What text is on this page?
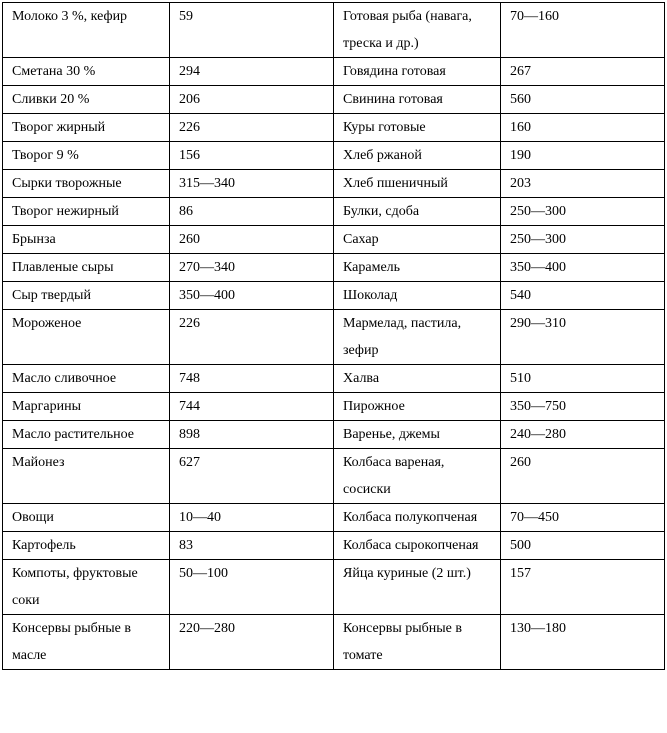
Молоко 3 %, кефир	59	Готовая рыба (навага, треска и др.)	70—160
Сметана 30 %	294	Говядина готовая	267
Сливки 20 %	206	Свинина готовая	560
Творог жирный	226	Куры готовые	160
Творог 9 %	156	Хлеб ржаной	190
Сырки творожные	315—340	Хлеб пшеничный	203
Творог нежирный	86	Булки, сдоба	250—300
Брынза	260	Сахар	250—300
Плавленые сыры	270—340	Карамель	350—400
Сыр твердый	350—400	Шоколад	540
Мороженое	226	Мармелад, пастила, зефир	290—310
Масло сливочное	748	Халва	510
Маргарины	744	Пирожное	350—750
Масло растительное	898	Варенье, джемы	240—280
Майонез	627	Колбаса вареная, сосиски	260
Овощи	10—40	Колбаса полукопченая	70—450
Картофель	83	Колбаса сырокопченая	500
Компоты, фруктовые соки	50—100	Яйца куриные (2 шт.)	157
Консервы рыбные в масле	220—280	Консервы рыбные в томате	130—180
